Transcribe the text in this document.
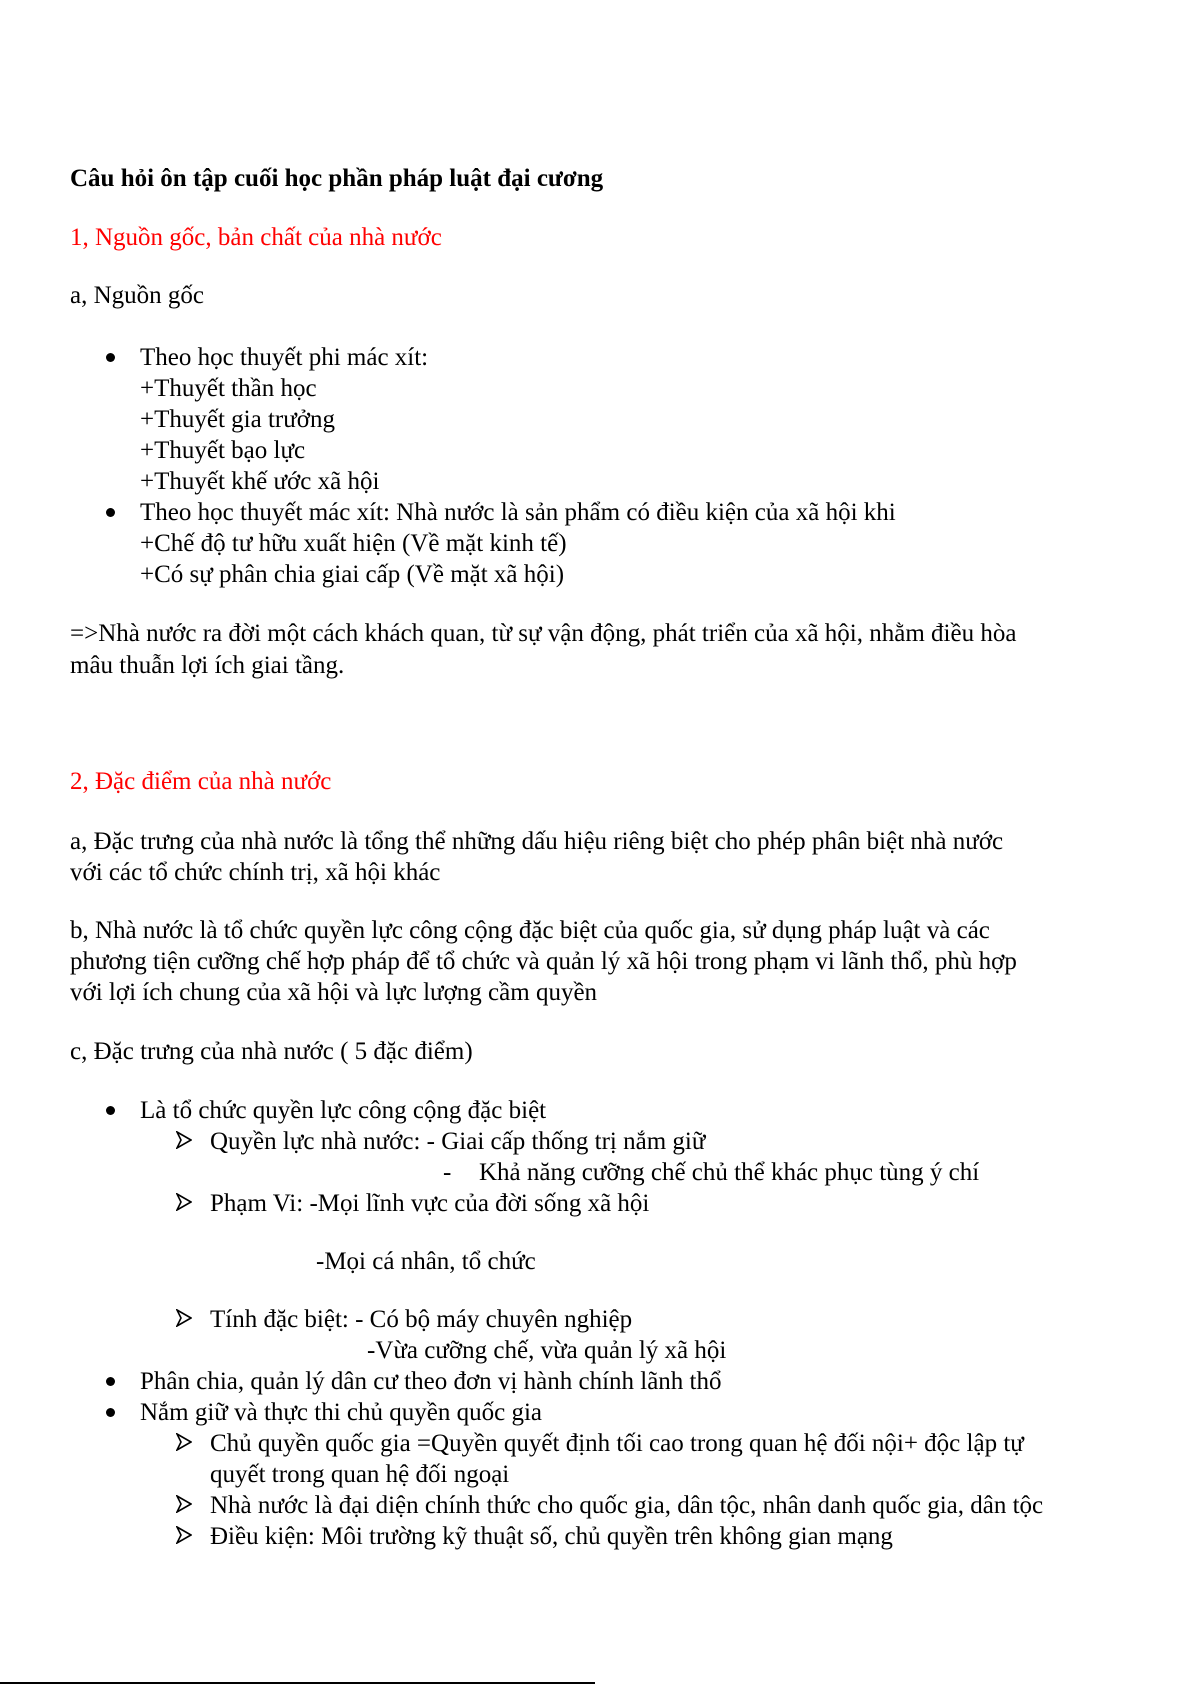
Câu hỏi ôn tập cuối học phần pháp luật đại cương
1, Nguồn gốc, bản chất của nhà nước
a, Nguồn gốc
Theo học thuyết phi mác xít:
+Thuyết thần học
+Thuyết gia trưởng
+Thuyết bạo lực
+Thuyết khế ước xã hội
Theo học thuyết mác xít: Nhà nước là sản phẩm có điều kiện của xã hội khi
+Chế độ tư hữu xuất hiện (Về mặt kinh tế)
+Có sự phân chia giai cấp (Về mặt xã hội)
=>Nhà nước ra đời một cách khách quan, từ sự vận động, phát triển của xã hội, nhằm điều hòa
mâu thuẫn lợi ích giai tầng.
2, Đặc điểm của nhà nước
a, Đặc trưng của nhà nước là tổng thể những dấu hiệu riêng biệt cho phép phân biệt nhà nước
với các tổ chức chính trị, xã hội khác
b, Nhà nước là tổ chức quyền lực công cộng đặc biệt của quốc gia, sử dụng pháp luật và các
phương tiện cưỡng chế hợp pháp để tổ chức và quản lý xã hội trong phạm vi lãnh thổ, phù hợp
với lợi ích chung của xã hội và lực lượng cầm quyền
c, Đặc trưng của nhà nước ( 5 đặc điểm)
Là tổ chức quyền lực công cộng đặc biệt
Quyền lực nhà nước: - Giai cấp thống trị nắm giữ
- Khả năng cưỡng chế chủ thể khác phục tùng ý chí
Phạm Vi: -Mọi lĩnh vực của đời sống xã hội
-Mọi cá nhân, tổ chức
Tính đặc biệt: - Có bộ máy chuyên nghiệp
-Vừa cưỡng chế, vừa quản lý xã hội
Phân chia, quản lý dân cư theo đơn vị hành chính lãnh thổ
Nắm giữ và thực thi chủ quyền quốc gia
Chủ quyền quốc gia =Quyền quyết định tối cao trong quan hệ đối nội+ độc lập tự
quyết trong quan hệ đối ngoại
Nhà nước là đại diện chính thức cho quốc gia, dân tộc, nhân danh quốc gia, dân tộc
Điều kiện: Môi trường kỹ thuật số, chủ quyền trên không gian mạng
